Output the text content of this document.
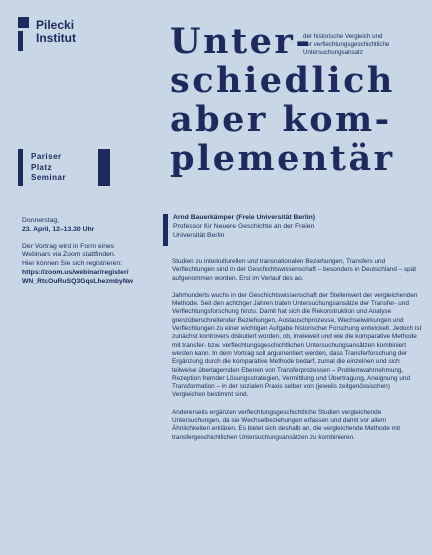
Pilecki
Institut	Unter-
schiedlich
aber kom-
plementär
der historische Vergleich und
der verflechtungsgeschichtliche
Untersuchungsansatz
Pariser
Platz
Seminar
Donnerstag,
23. April, 12–13.30 Uhr
Der Vortrag wird in Form eines
Webinars via Zoom stattfinden.
Hier können Sie sich registrieren:
https://zoom.us/webinar/register/
WN_RtcOuRuSQ3GqsLhezmbyNw
Arnd Bauerkämper (Freie Universität Berlin)
Professor für Neuere Geschichte an der Freien
Universität Berlin

Studien zu interkulturellen und transnationalen Beziehungen, Transfers und Verflechtungen sind in der Geschichtswissenschaft – besonders in Deutschland – spät aufgenommen worden. Erst im Verlauf des ao.

Jahrhunderts wuchs in der Geschichtswissenschaft der Stellenwert der vergleichenden Methode. Seit den achtziger Jahren traten Untersuchungsansätze der Transfer- und Verflechtungsforschung hinzu. Damit hat sich die Rekonstruktion und Analyse grenzüberschreitender Beziehungen, Austauschprozesse, Wechselwirkungen und Verflechtungen zu einer wichtigen Aufgabe historischer Forschung entwickelt. Jedoch ist zunächst kontrovers diskutiert worden, ob, inwieweit und wie die komparative Methode mit transfer- bzw. verflechtungsgeschichtlichen Untersuchungsansätzen kombiniert werden kann. In dem Vortrag soll argumentiert werden, dass Transferforschung der Ergänzung durch die komparative Methode bedarf, zumal die einzelnen und sich teilweise überlagernden Ebenen von Transferprozessen – Problemwahrnehmung, Rezeption fremder Lösungsstrategien, Vermittlung und Übertragung, Aneignung und Transformation – in der sozialen Praxis selber von (jeweils zeitgenössischen) Vergleichen bestimmt sind.

Andererseits ergänzen verflechtungsgeschichtliche Studien vergleichende Untersuchungen, da sie Wechselbeziehungen erfassen und damit vor allem Ähnlichkeiten erklären. Es bietet sich deshalb an, die vergleichende Methode mit transfergeschichtlichen Untersuchungsansätzen zu kombinieren.
